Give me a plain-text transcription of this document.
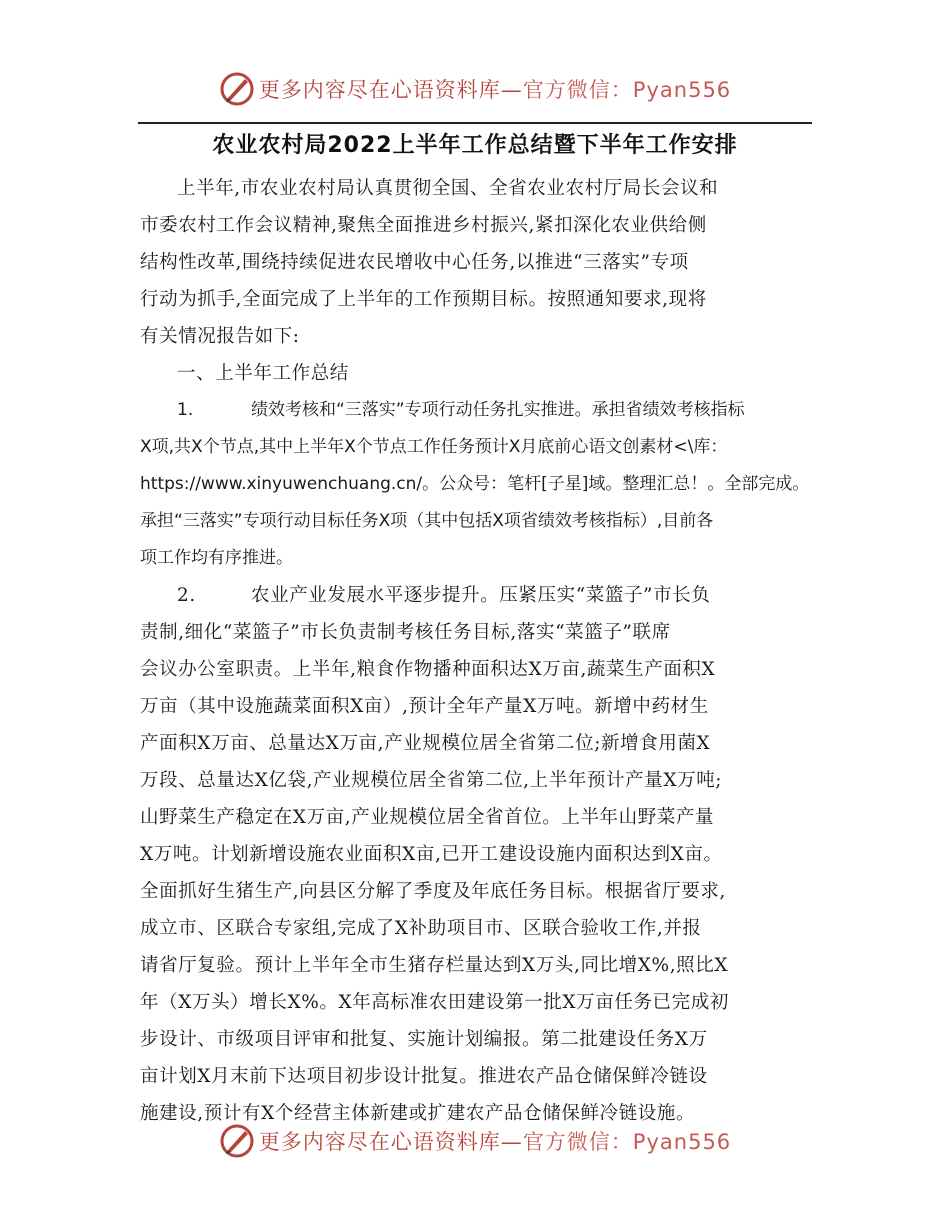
更多内容尽在心语资料库—官方微信：Pyan556
农业农村局2022上半年工作总结暨下半年工作安排
上半年,市农业农村局认真贯彻全国、全省农业农村厅局长会议和
市委农村工作会议精神,聚焦全面推进乡村振兴,紧扣深化农业供给侧
结构性改革,围绕持续促进农民增收中心任务,以推进“三落实”专项
行动为抓手,全面完成了上半年的工作预期目标。按照通知要求,现将
有关情况报告如下:
一、上半年工作总结
1.	绩效考核和“三落实”专项行动任务扎实推进。承担省绩效考核指标
X项,共X个节点,其中上半年X个节点工作任务预计X月底前心语文创素材<\库：
https://www.xinyuwenchuang.cn/。公众号：笔杆[子星]域。整理汇总！。全部完成。
承担“三落实”专项行动目标任务X项（其中包括X项省绩效考核指标）,目前各
项工作均有序推进。
2.	农业产业发展水平逐步提升。压紧压实“菜篮子”市长负
责制,细化“菜篮子”市长负责制考核任务目标,落实“菜篮子”联席
会议办公室职责。上半年,粮食作物播种面积达X万亩,蔬菜生产面积X
万亩（其中设施蔬菜面积X亩）,预计全年产量X万吨。新增中药材生
产面积X万亩、总量达X万亩,产业规模位居全省第二位;新增食用菌X
万段、总量达X亿袋,产业规模位居全省第二位,上半年预计产量X万吨;
山野菜生产稳定在X万亩,产业规模位居全省首位。上半年山野菜产量
X万吨。计划新增设施农业面积X亩,已开工建设设施内面积达到X亩。
全面抓好生猪生产,向县区分解了季度及年底任务目标。根据省厅要求,
成立市、区联合专家组,完成了X补助项目市、区联合验收工作,并报
请省厅复验。预计上半年全市生猪存栏量达到X万头,同比增X%,照比X
年（X万头）增长X%。X年高标准农田建设第一批X万亩任务已完成初
步设计、市级项目评审和批复、实施计划编报。第二批建设任务X万
亩计划X月末前下达项目初步设计批复。推进农产品仓储保鲜冷链设
施建设,预计有X个经营主体新建或扩建农产品仓储保鲜冷链设施。
更多内容尽在心语资料库—官方微信：Pyan556
